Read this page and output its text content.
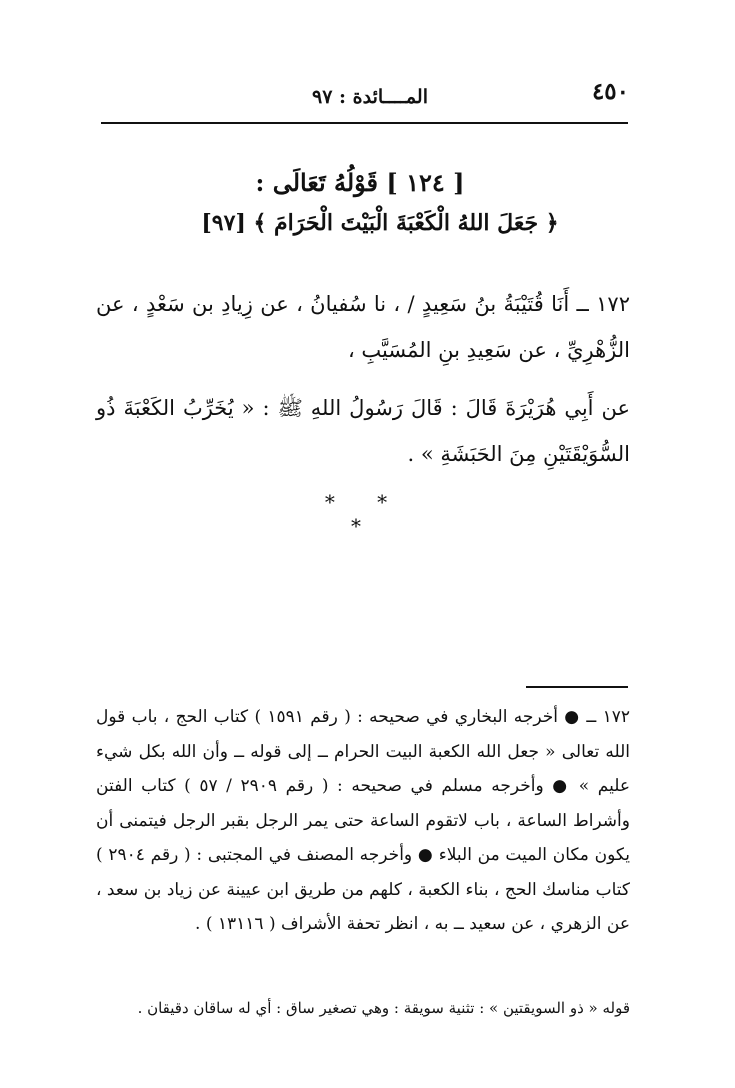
٤٥٠
المــــائدة : ٩٧
[ ١٢٤ ] قَوْلُهُ تَعَالَى :
﴿ جَعَلَ اللهُ الْكَعْبَةَ الْبَيْتَ الْحَرَامَ ﴾ [٩٧]
١٧٢ ــ أَنَا قُتَيْبَةُ بنُ سَعِيدٍ / ، نا سُفيانُ ، عن زِيادِ بن سَعْدٍ ، عن الزُّهْرِيِّ ، عن سَعِيدِ بنِ المُسَيَّبِ ،
عن أَبِي هُرَيْرَةَ قَالَ : قَالَ رَسُولُ اللهِ ﷺ : « يُخَرِّبُ الكَعْبَةَ ذُو السُّوَيْقَتَيْنِ مِنَ الحَبَشَةِ » .
* * *
١٧٢ ــ ● أخرجه البخاري في صحيحه : ( رقم ١٥٩١ ) كتاب الحج ، باب قول الله تعالى « جعل الله الكعبة البيت الحرام ــ إلى قوله ــ وأن الله بكل شيء عليم » ● وأخرجه مسلم في صحيحه : ( رقم ٢٩٠٩ / ٥٧ ) كتاب الفتن وأشراط الساعة ، باب لاتقوم الساعة حتى يمر الرجل بقبر الرجل فيتمنى أن يكون مكان الميت من البلاء ● وأخرجه المصنف في المجتبى : ( رقم ٢٩٠٤ ) كتاب مناسك الحج ، بناء الكعبة ، كلهم من طريق ابن عيينة عن زياد بن سعد ، عن الزهري ، عن سعيد ــ به ، انظر تحفة الأشراف ( ١٣١١٦ ) .
قوله « ذو السويقتين » : تثنية سويقة : وهي تصغير ساق : أي له ساقان دقيقان .
